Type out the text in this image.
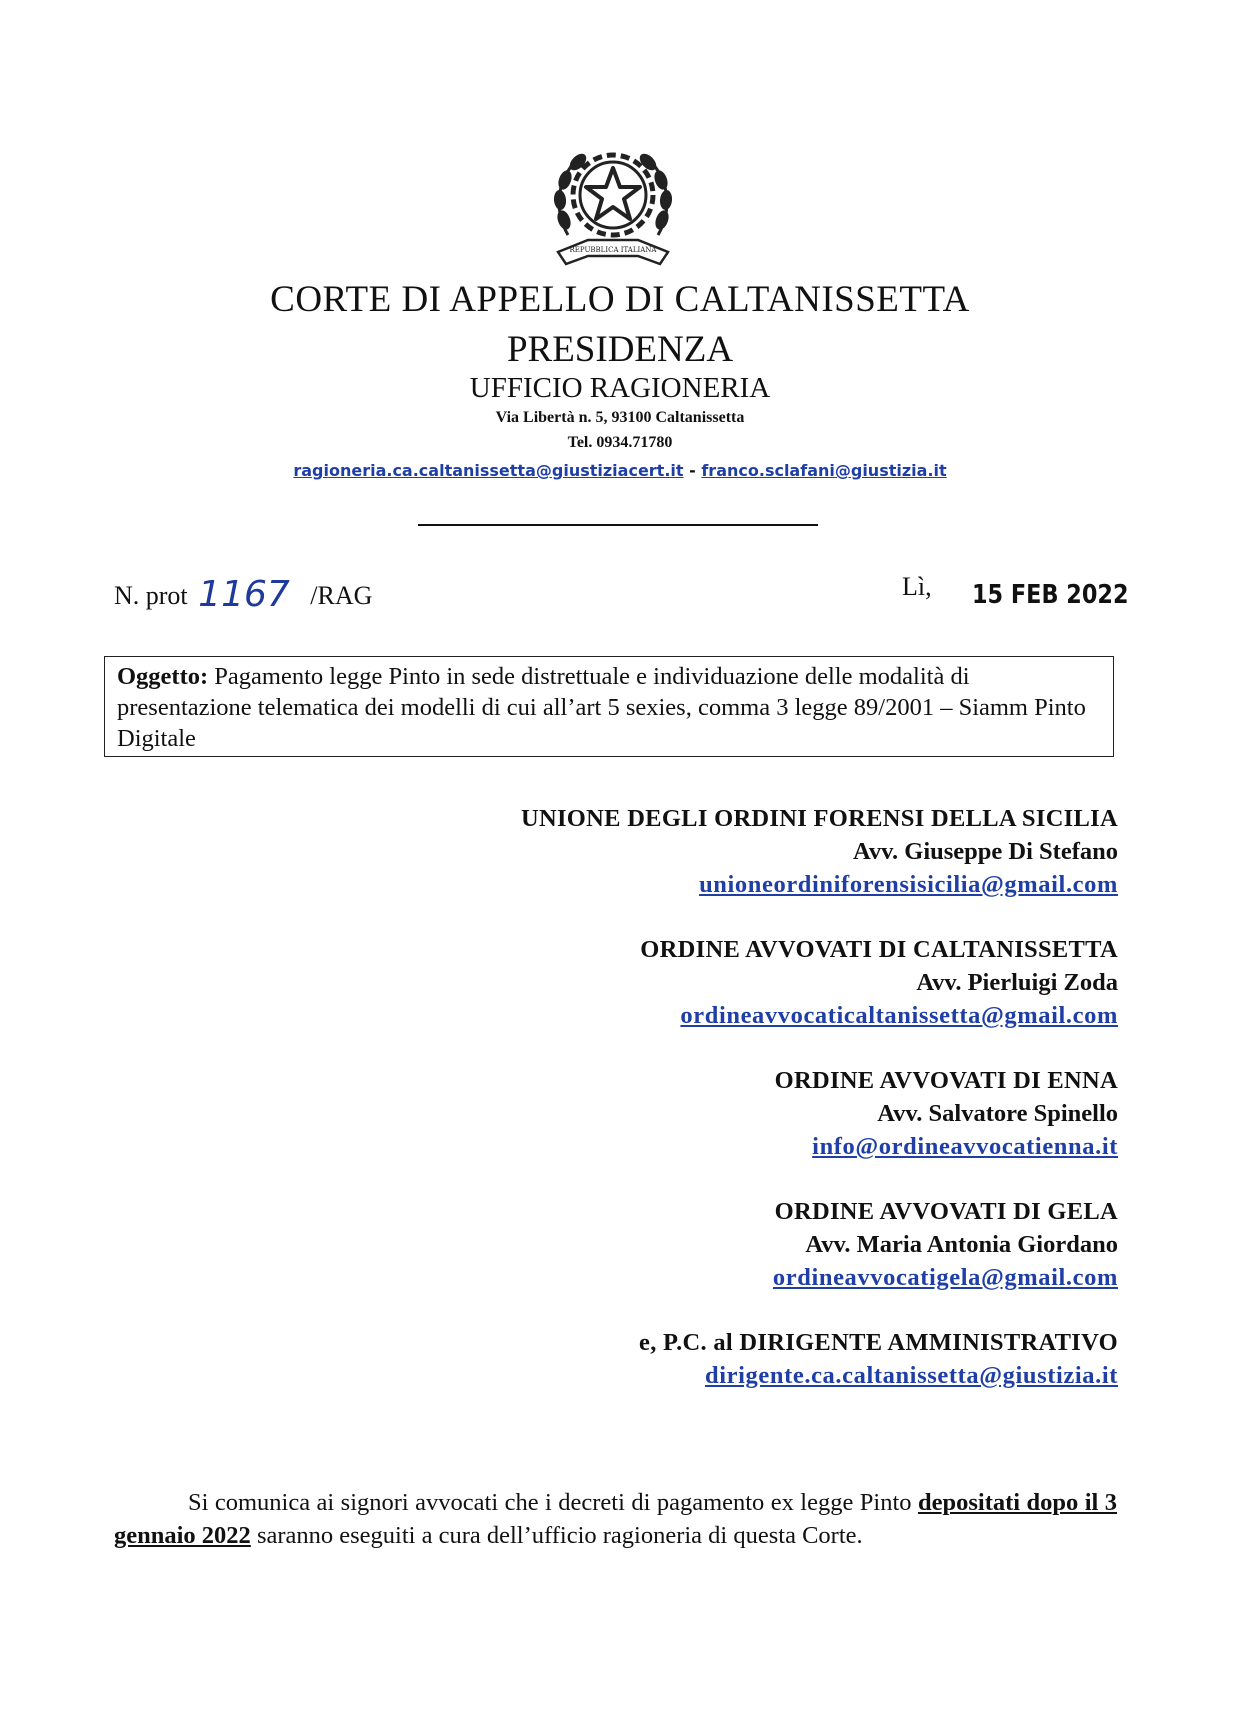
REPUBBLICA ITALIANA
CORTE DI APPELLO DI CALTANISSETTA
PRESIDENZA
UFFICIO RAGIONERIA
Via Libertà n. 5, 93100 Caltanissetta
Tel. 0934.71780
ragioneria.ca.caltanissetta@giustiziacert.it - franco.sclafani@giustizia.it
N. prot 1167 /RAG	Lì, 15 FEB 2022
Oggetto: Pagamento legge Pinto in sede distrettuale e individuazione delle modalità di presentazione telematica dei modelli di cui all’art 5 sexies, comma 3 legge 89/2001 – Siamm Pinto Digitale
UNIONE DEGLI ORDINI FORENSI DELLA SICILIA
Avv. Giuseppe Di Stefano
unioneordiniforensisicilia@gmail.com
ORDINE AVVOVATI DI CALTANISSETTA
Avv. Pierluigi Zoda
ordineavvocaticaltanissetta@gmail.com
ORDINE AVVOVATI DI ENNA
Avv. Salvatore Spinello
info@ordineavvocatienna.it
ORDINE AVVOVATI DI GELA
Avv. Maria Antonia Giordano
ordineavvocatigela@gmail.com
e, P.C. al DIRIGENTE AMMINISTRATIVO
dirigente.ca.caltanissetta@giustizia.it
Si comunica ai signori avvocati che i decreti di pagamento ex legge Pinto depositati dopo il 3 gennaio 2022 saranno eseguiti a cura dell’ufficio ragioneria di questa Corte.
